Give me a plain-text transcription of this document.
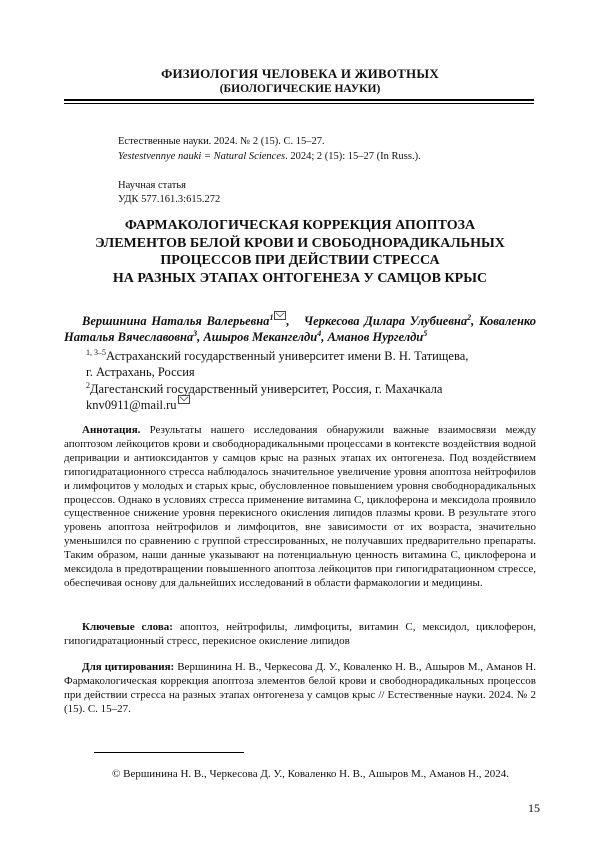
ФИЗИОЛОГИЯ ЧЕЛОВЕКА И ЖИВОТНЫХ
(БИОЛОГИЧЕСКИЕ НАУКИ)
Естественные науки. 2024. № 2 (15). С. 15–27.
Yestestvennye nauki = Natural Sciences. 2024; 2 (15): 15–27 (In Russ.).
Научная статья
УДК 577.161.3:615.272
ФАРМАКОЛОГИЧЕСКАЯ КОРРЕКЦИЯ АПОПТОЗА
ЭЛЕМЕНТОВ БЕЛОЙ КРОВИ И СВОБОДНОРАДИКАЛЬНЫХ
ПРОЦЕССОВ ПРИ ДЕЙСТВИИ СТРЕССА
НА РАЗНЫХ ЭТАПАХ ОНТОГЕНЕЗА У САМЦОВ КРЫС
Вершинина Наталья Валерьевна1 ,   Черкесова Дилара Улубиевна2, Коваленко Наталья Вячеславовна3, Ашыров Мекангелди4, Аманов Нургелди5
1, 3–5Астраханский государственный университет имени В. Н. Татищева,
г. Астрахань, Россия
2Дагестанский государственный университет, Россия, г. Махачкала
knv0911@mail.ru
Аннотация. Результаты нашего исследования обнаружили важные взаимосвязи между апоптозом лейкоцитов крови и свободнорадикальными процессами в контексте воздействия водной депривации и антиоксидантов у самцов крыс на разных этапах их онтогенеза. Под воздействием гипогидратационного стресса наблюдалось значительное увеличение уровня апоптоза нейтрофилов и лимфоцитов у молодых и старых крыс, обусловленное повышением уровня свободнорадикальных процессов. Однако в условиях стресса применение витамина С, циклоферона и мексидола проявило существенное снижение уровня перекисного окисления липидов плазмы крови. В результате этого уровень апоптоза нейтрофилов и лимфоцитов, вне зависимости от их возраста, значительно уменьшился по сравнению с группой стрессированных, не получавших предварительно препараты. Таким образом, наши данные указывают на потенциальную ценность витамина С, циклоферона и мексидола в предотвращении повышенного апоптоза лейкоцитов при гипогидратационном стрессе, обеспечивая основу для дальнейших исследований в области фармакологии и медицины.
Ключевые слова: апоптоз, нейтрофилы, лимфоциты, витамин С, мексидол, циклоферон, гипогидратационный стресс, перекисное окисление липидов
Для цитирования: Вершинина Н. В., Черкесова Д. У., Коваленко Н. В., Ашыров М., Аманов Н. Фармакологическая коррекция апоптоза элементов белой крови и свободнорадикальных процессов при действии стресса на разных этапах онтогенеза у самцов крыс // Естественные науки. 2024. № 2 (15). С. 15–27.
© Вершинина Н. В., Черкесова Д. У., Коваленко Н. В., Ашыров М., Аманов Н., 2024.
15
